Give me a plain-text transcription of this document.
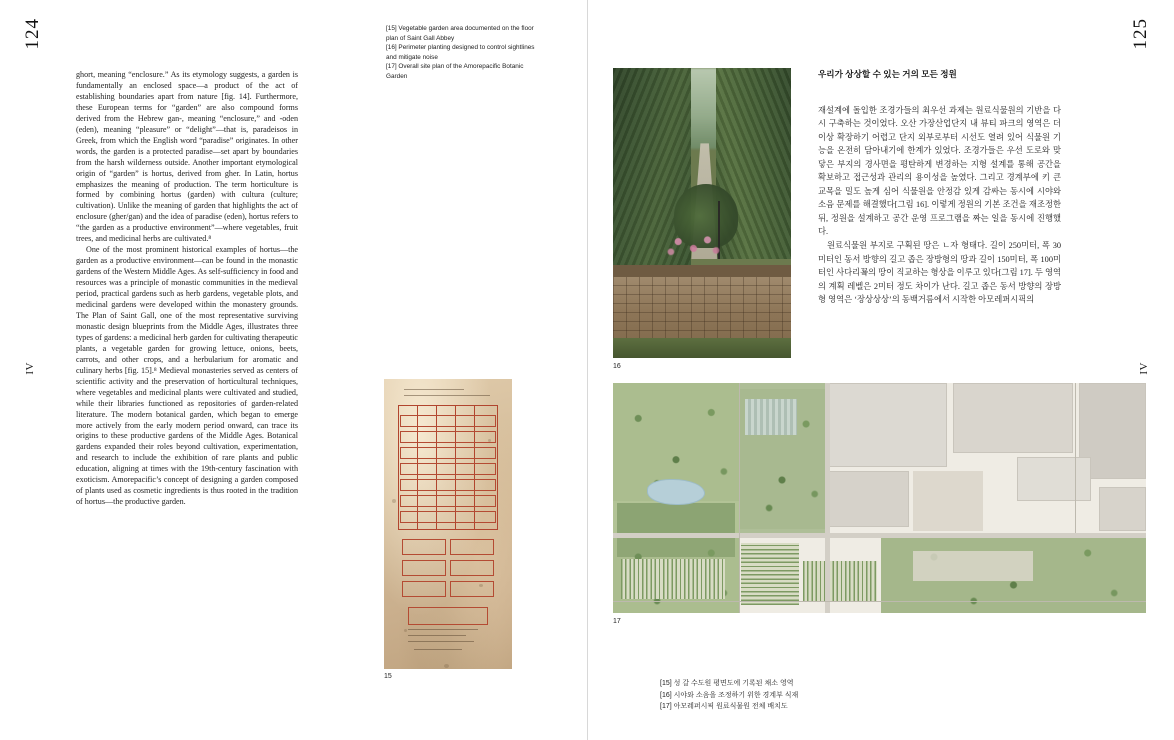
124
IV

ghort, meaning “enclosure.” As its etymology suggests, a garden is fundamentally an enclosed space—a product of the act of establishing boundaries apart from nature [fig. 14]. Furthermore, these European terms for “garden” are also compound forms derived from the Hebrew gan-, meaning “enclosure,” and -oden (eden), meaning “pleasure” or “delight”—that is, paradeisos in Greek, from which the English word “paradise” originates. In other words, the garden is a protected paradise—set apart by boundaries from the harsh wilderness outside. Another important etymological origin of “garden” is hortus, derived from gher. In Latin, hortus emphasizes the meaning of production. The term horticulture is formed by combining hortus (garden) with cultura (culture; cultivation). Unlike the meaning of garden that highlights the act of enclosure (gher/gan) and the idea of paradise (eden), hortus refers to “the garden as a productive environment”—where vegetables, fruit trees, and medicinal herbs are cultivated.⁸

One of the most prominent historical examples of hortus—the garden as a productive environment—can be found in the monastic gardens of the Western Middle Ages. As self-sufficiency in food and resources was a principle of monastic communities in the medieval period, practical gardens such as herb gardens, vegetable plots, and medicinal gardens were developed within the monastery grounds. The Plan of Saint Gall, one of the most representative surviving monastic design blueprints from the Middle Ages, illustrates three types of gardens: a medicinal herb garden for cultivating therapeutic plants, a vegetable garden for growing lettuce, onions, beets, carrots, and other crops, and a herbularium for aromatic and culinary herbs [fig. 15].⁸ Medieval monasteries served as centers of scientific activity and the preservation of horticultural techniques, where vegetables and medicinal plants were cultivated and studied, while their libraries functioned as repositories of garden-related literature. The modern botanical garden, which began to emerge more actively from the early modern period onward, can trace its origins to these productive gardens of the Middle Ages. Botanical gardens expanded their roles beyond cultivation, experimentation, and research to include the exhibition of rare plants and public education, aligning at times with the 19th-century fascination with exoticism. Amorepacific’s concept of designing a garden composed of plants used as cosmetic ingredients is thus rooted in the tradition of hortus—the productive garden.

[15] Vegetable garden area documented on the floor plan of Saint Gall Abbey
[16] Perimeter planting designed to control sightlines and mitigate noise
[17] Overall site plan of the Amorepacific Botanic Garden
15
125
IV
우리가 상상할 수 있는 거의 모든 정원

재설계에 돌입한 조경가들의 최우선 과제는 원료식물원의 기반을 다시 구축하는 것이었다. 오산 가장산업단지 내 뷰티 파크의 영역은 더 이상 확장하기 어렵고 단지 외부로부터 시선도 열려 있어 식물원 기능을 온전히 담아내기에 한계가 있었다. 조경가들은 우선 도로와 맞닿은 부지의 경사면을 평탄하게 변경하는 지형 설계를 통해 공간을 확보하고 접근성과 관리의 용이성을 높였다. 그리고 경계부에 키 큰 교목을 밀도 높게 심어 식물원을 안정감 있게 감싸는 동시에 시야와 소음 문제를 해결했다[그림 16]. 이렇게 정원의 기본 조건을 재조정한 뒤, 정원을 설계하고 공간 운영 프로그램을 짜는 일을 동시에 진행했다.

원료식물원 부지로 구획된 땅은 ㄴ자 형태다. 길이 250미터, 폭 30미터인 동서 방향의 길고 좁은 장방형의 땅과 길이 150미터, 폭 100미터인 사다리꾴의 땅이 직교하는 형상을 이루고 있다[그림 17]. 두 영역의 계획 레벨은 2미터 정도 차이가 난다. 길고 좁은 동서 방향의 장방형 영역은 ‘장상상상’의 동백거름에서 시작한 아모레퍼시픽의

16
17
[15] 성 갈 수도원 평면도에 기록된 채소 영역
[16] 시야와 소음을 조정하기 위한 경계부 식재
[17] 아모레퍼시픽 원료식물원 전체 배치도
